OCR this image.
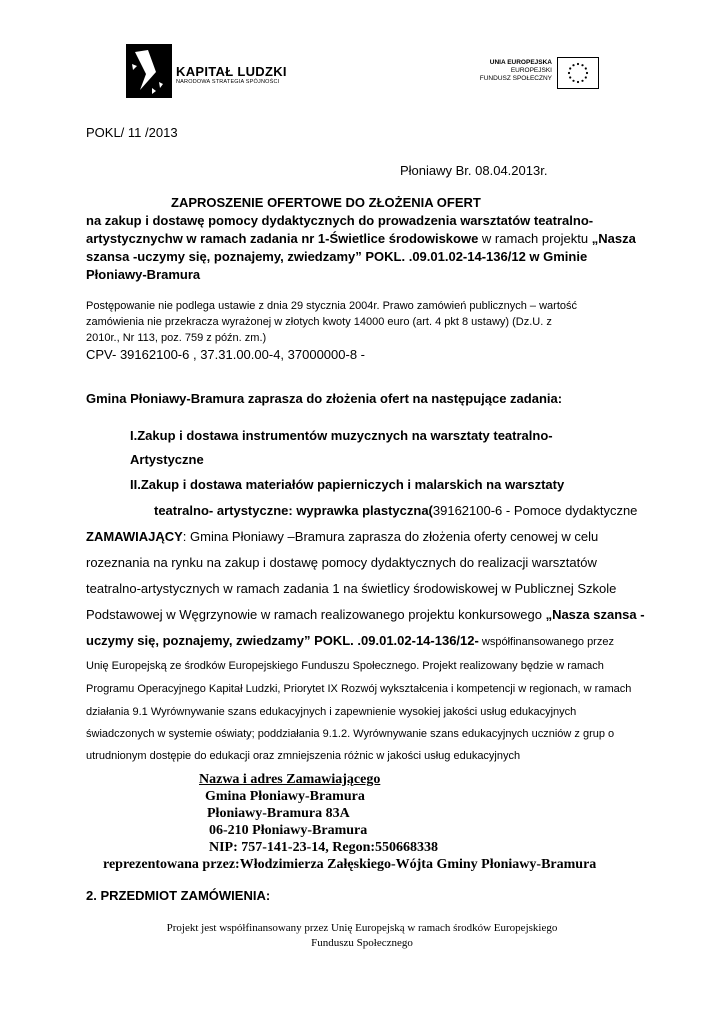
KAPITAŁ LUDZKI
NARODOWA STRATEGIA SPÓJNOŚCI
UNIA EUROPEJSKA
EUROPEJSKI
FUNDUSZ SPOŁECZNY
POKL/ 11 /2013
Płoniawy Br. 08.04.2013r.
ZAPROSZENIE OFERTOWE DO ZŁOŻENIA OFERT
na zakup i dostawę pomocy dydaktycznych do prowadzenia warsztatów teatralno-
artystycznychw w ramach zadania nr 1-Świetlice środowiskowe w ramach projektu „Nasza
szansa -uczymy się, poznajemy, zwiedzamy” POKL. .09.01.02-14-136/12 w Gminie
Płoniawy-Bramura
Postępowanie nie podlega ustawie z dnia 29 stycznia 2004r. Prawo zamówień publicznych – wartość
zamówienia nie przekracza wyrażonej w złotych kwoty 14000 euro (art. 4 pkt 8 ustawy) (Dz.U. z
2010r., Nr 113, poz. 759 z późn. zm.)
CPV- 39162100-6 , 37.31.00.00-4, 37000000-8 -
Gmina Płoniawy-Bramura zaprasza do złożenia ofert na następujące zadania:
I.Zakup i dostawa instrumentów muzycznych na warsztaty teatralno-
Artystyczne
II.Zakup i dostawa materiałów papierniczych i malarskich na warsztaty
teatralno- artystyczne: wyprawka plastyczna(39162100-6 - Pomoce dydaktyczne
ZAMAWIAJĄCY: Gmina Płoniawy –Bramura zaprasza do złożenia oferty cenowej w celu
rozeznania na rynku na zakup i dostawę pomocy dydaktycznych do realizacji warsztatów
teatralno-artystycznych w ramach zadania 1 na świetlicy środowiskowej w Publicznej Szkole
Podstawowej w Węgrzynowie w ramach realizowanego projektu konkursowego „Nasza szansa -
uczymy się, poznajemy, zwiedzamy” POKL. .09.01.02-14-136/12- współfinansowanego przez
Unię Europejską ze środków Europejskiego Funduszu Społecznego. Projekt realizowany będzie w ramach
Programu Operacyjnego Kapitał Ludzki, Priorytet IX Rozwój wykształcenia i kompetencji w regionach, w ramach
działania 9.1 Wyrównywanie szans edukacyjnych i zapewnienie wysokiej jakości usług edukacyjnych
świadczonych w systemie oświaty; poddziałania 9.1.2. Wyrównywanie szans edukacyjnych uczniów z grup o
utrudnionym dostępie do edukacji oraz zmniejszenia różnic w jakości usług edukacyjnych
Nazwa i adres Zamawiającego
Gmina Płoniawy-Bramura
Płoniawy-Bramura 83A
06-210 Płoniawy-Bramura
NIP: 757-141-23-14, Regon:550668338
reprezentowana przez:Włodzimierza Załęskiego-Wójta Gminy Płoniawy-Bramura
2. PRZEDMIOT ZAMÓWIENIA:
Projekt jest współfinansowany przez Unię Europejską w ramach środków Europejskiego
Funduszu Społecznego
